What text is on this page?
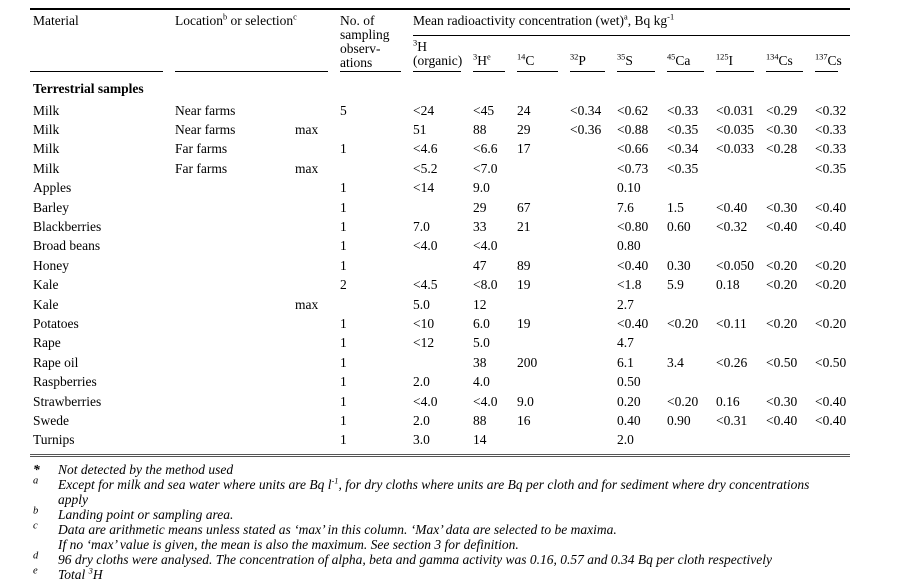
Material	Location$^b$ or selection$^c$		No. of
sampling
observ-
ations	Mean radioactivity concentration (wet)$^a$, Bq $kg^{-1}$
				$^3$H
(organic)	$^3H^e$	$^{14}$C	$^{32}$P	$^{35}$S	$^{45}$Ca	$^{125}$I	$^{134}$Cs	$^{137}$Cs

Terrestrial samples												
Milk	Near farms		5	<24	<45	24	<0.34	<0.62	<0.33	<0.031	<0.29	<0.32
Milk	Near farms	max		51	88	29	<0.36	<0.88	<0.35	<0.035	<0.30	<0.33
Milk	Far farms		1	<4.6	<6.6	17		<0.66	<0.34	<0.033	<0.28	<0.33
Milk	Far farms	max		<5.2	<7.0			<0.73	<0.35			<0.35
Apples			1	<14	9.0			0.10				
Barley			1		29	67		7.6	1.5	<0.40	<0.30	<0.40
Blackberries			1	7.0	33	21		<0.80	0.60	<0.32	<0.40	<0.40
Broad beans			1	<4.0	<4.0			0.80				
Honey			1		47	89		<0.40	0.30	<0.050	<0.20	<0.20
Kale			2	<4.5	<8.0	19		<1.8	5.9	0.18	<0.20	<0.20
Kale		max		5.0	12			2.7				
Potatoes			1	<10	6.0	19		<0.40	<0.20	<0.11	<0.20	<0.20
Rape			1	<12	5.0			4.7				
Rape oil			1		38	200		6.1	3.4	<0.26	<0.50	<0.50
Raspberries			1	2.0	4.0			0.50				
Strawberries			1	<4.0	<4.0	9.0		0.20	<0.20	0.16	<0.30	<0.40
Swede			1	2.0	88	16		0.40	0.90	<0.31	<0.40	<0.40
Turnips			1	3.0	14			2.0				
*	Not detected by the method used
$^a$	Except for milk and sea water where units are Bq $l^{-1}$, for dry cloths where units are Bq per cloth and for sediment where dry concentrations
apply
$^b$	Landing point or sampling area.
$^c$	Data are arithmetic means unless stated as ‘max’ in this column. ‘Max’ data are selected to be maxima.
If no ‘max’ value is given, the mean is also the maximum. See section 3 for definition.
$^d$	96 dry cloths were analysed. The concentration of alpha, beta and gamma activity was 0.16, 0.57 and 0.34 Bq per cloth respectively
$^e$	Total $^3$H
